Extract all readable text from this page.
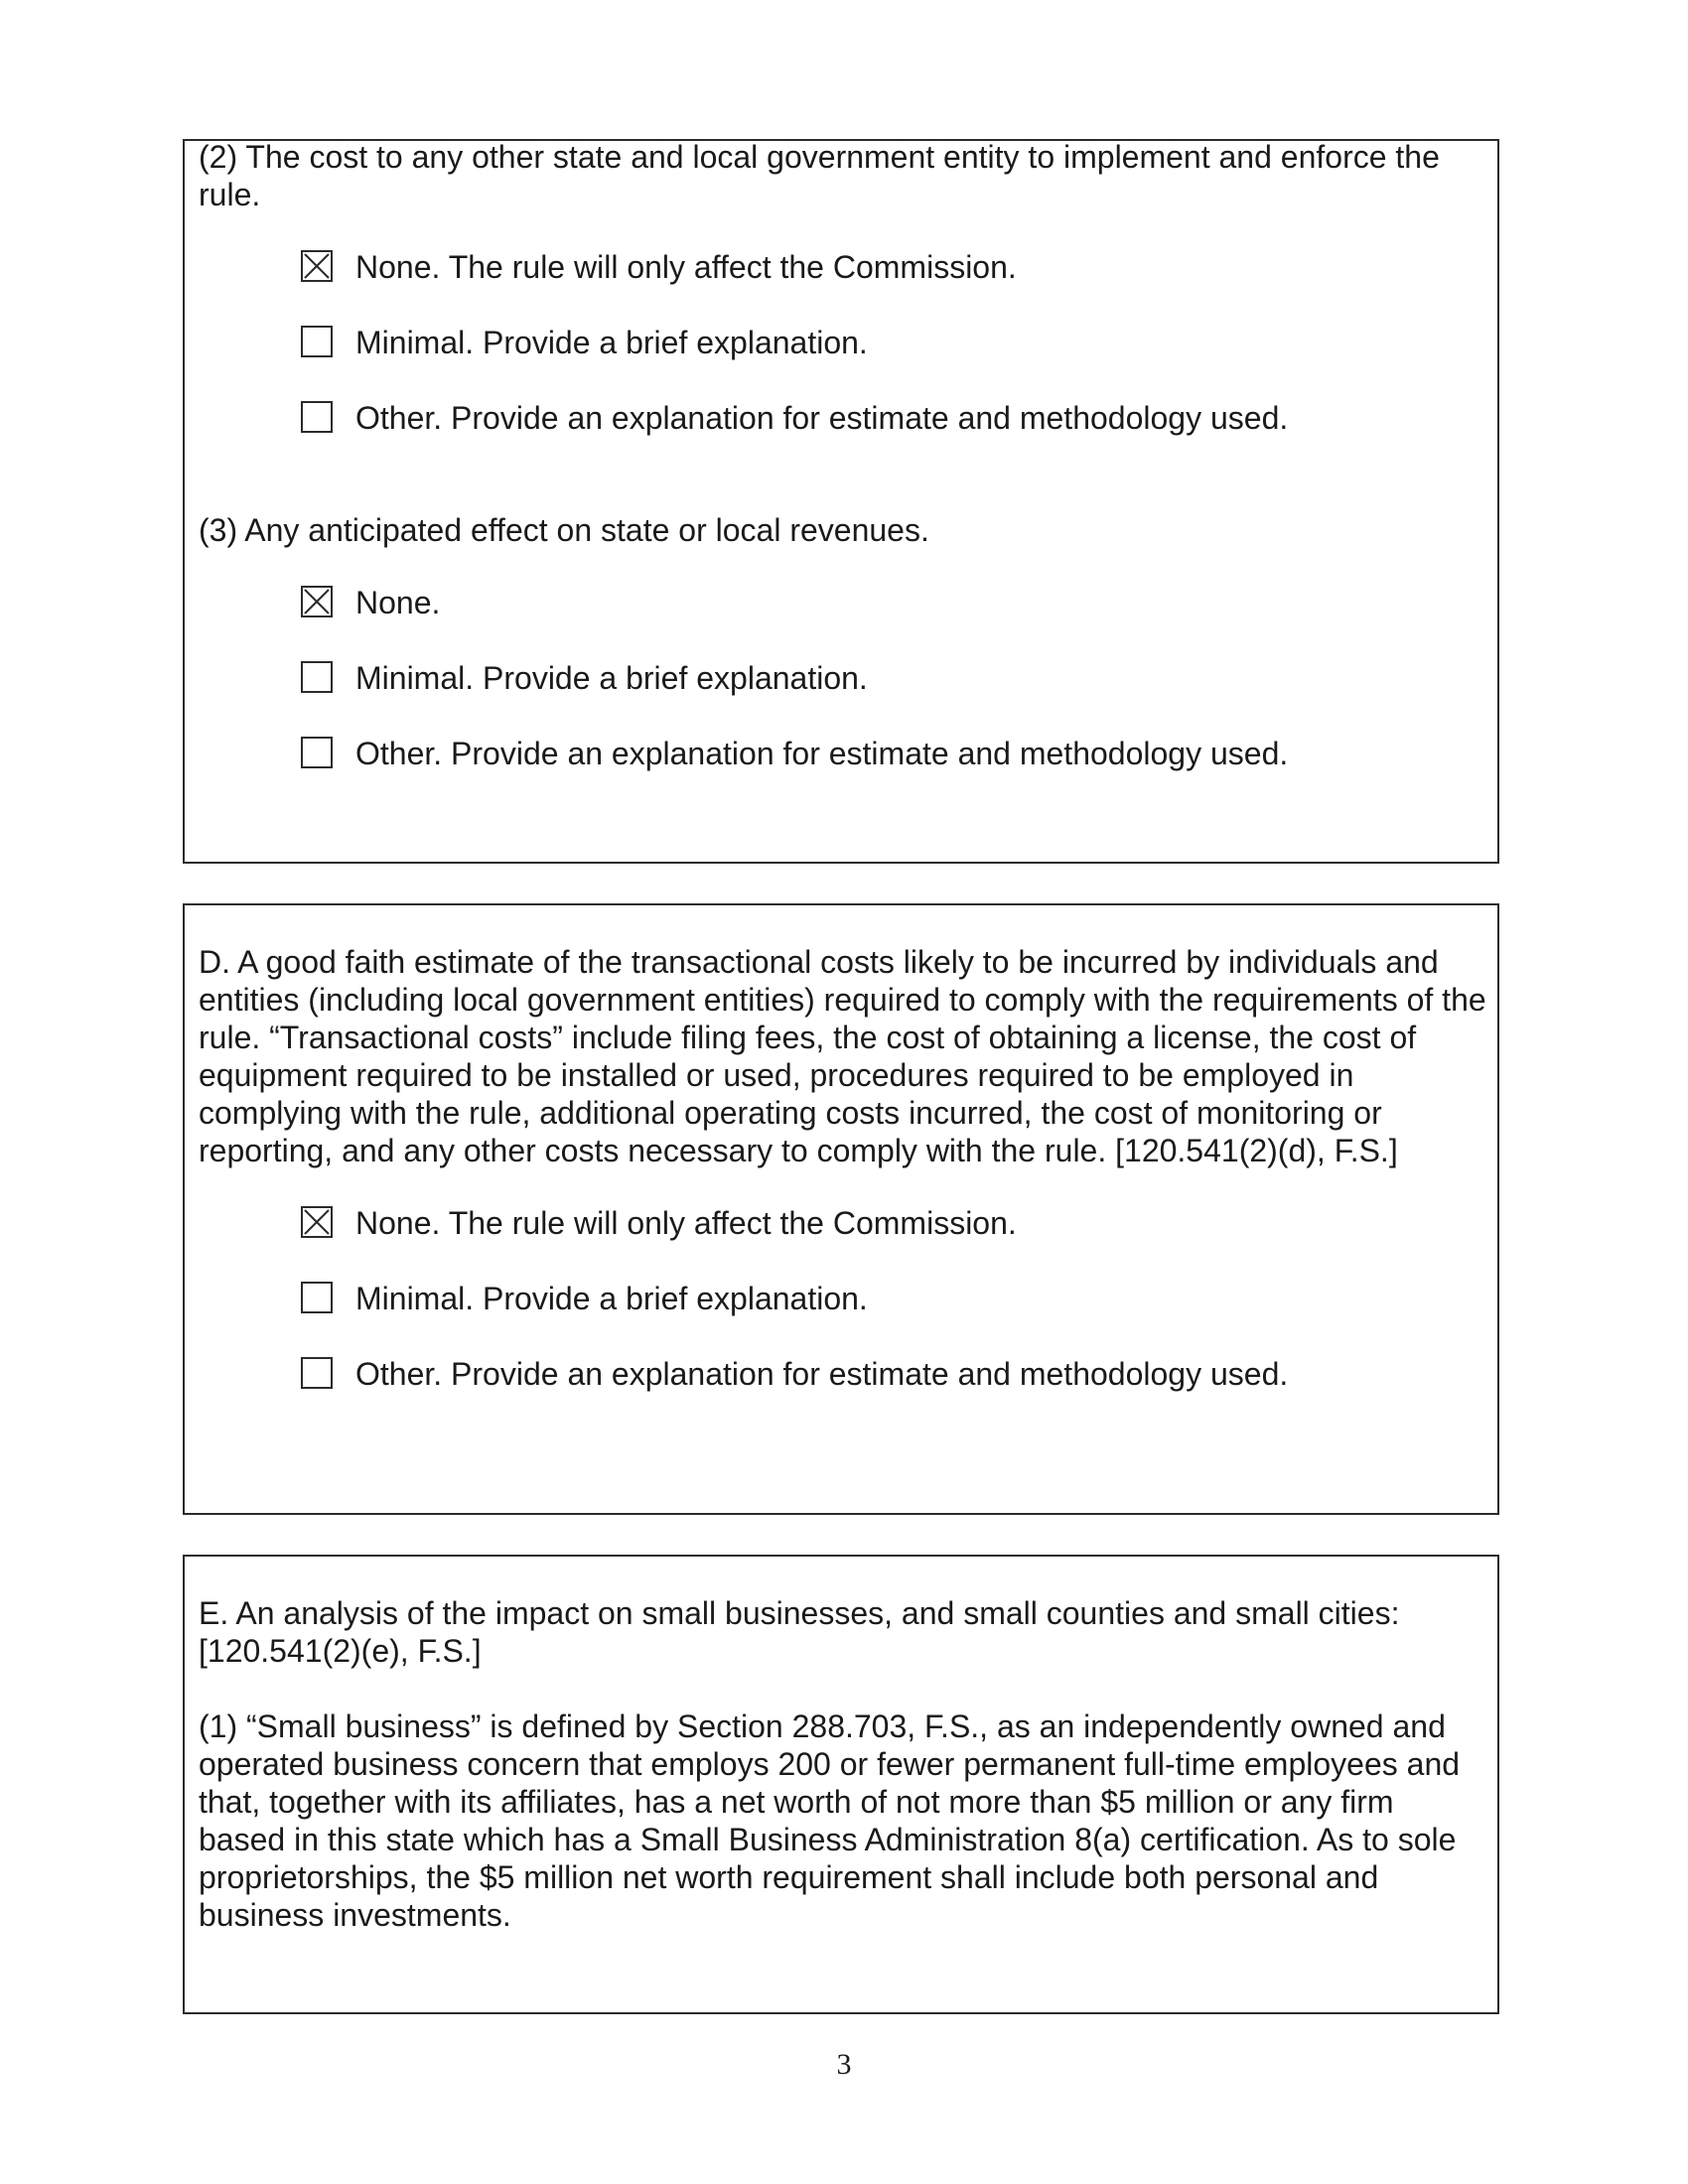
(2) The cost to any other state and local government entity to implement and enforce the rule.

None. The rule will only affect the Commission.
Minimal. Provide a brief explanation.
Other. Provide an explanation for estimate and methodology used.

(3) Any anticipated effect on state or local revenues.

None.
Minimal. Provide a brief explanation.
Other. Provide an explanation for estimate and methodology used.

D. A good faith estimate of the transactional costs likely to be incurred by individuals and entities (including local government entities) required to comply with the requirements of the rule. “Transactional costs” include filing fees, the cost of obtaining a license, the cost of equipment required to be installed or used, procedures required to be employed in complying with the rule, additional operating costs incurred, the cost of monitoring or reporting, and any other costs necessary to comply with the rule. [120.541(2)(d), F.S.]

None. The rule will only affect the Commission.
Minimal. Provide a brief explanation.
Other. Provide an explanation for estimate and methodology used.

E. An analysis of the impact on small businesses, and small counties and small cities: [120.541(2)(e), F.S.]

(1) “Small business” is defined by Section 288.703, F.S., as an independently owned and operated business concern that employs 200 or fewer permanent full-time employees and that, together with its affiliates, has a net worth of not more than $5 million or any firm based in this state which has a Small Business Administration 8(a) certification. As to sole proprietorships, the $5 million net worth requirement shall include both personal and business investments.

3
